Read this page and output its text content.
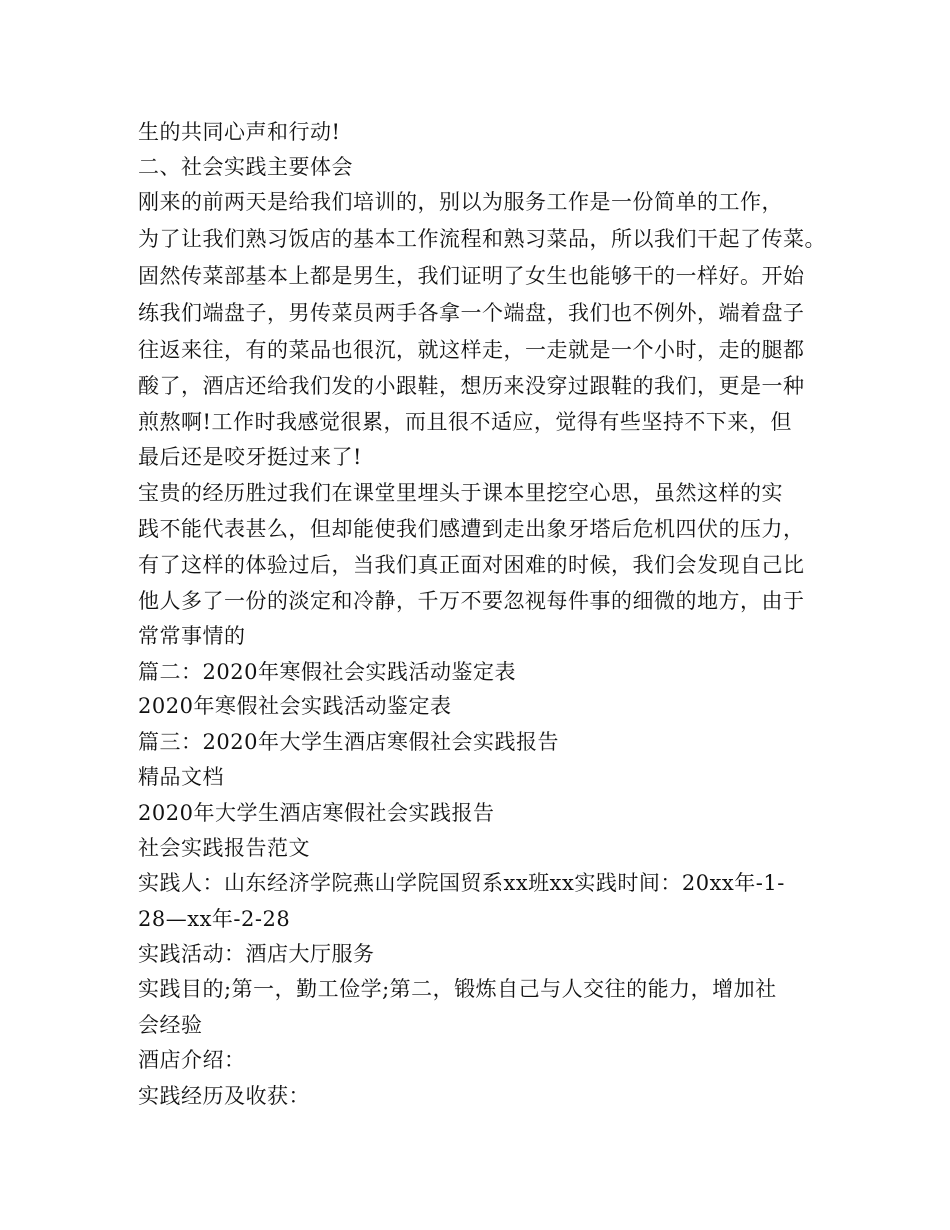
生的共同心声和行动!
二、社会实践主要体会
刚来的前两天是给我们培训的，别以为服务工作是一份简单的工作，
为了让我们熟习饭店的基本工作流程和熟习菜品，所以我们干起了传菜。
固然传菜部基本上都是男生，我们证明了女生也能够干的一样好。开始
练我们端盘子，男传菜员两手各拿一个端盘，我们也不例外，端着盘子
往返来往，有的菜品也很沉，就这样走，一走就是一个小时，走的腿都
酸了，酒店还给我们发的小跟鞋，想历来没穿过跟鞋的我们，更是一种
煎熬啊!工作时我感觉很累，而且很不适应，觉得有些坚持不下来，但
最后还是咬牙挺过来了!
宝贵的经历胜过我们在课堂里埋头于课本里挖空心思，虽然这样的实
践不能代表甚么，但却能使我们感遭到走出象牙塔后危机四伏的压力，
有了这样的体验过后，当我们真正面对困难的时候，我们会发现自己比
他人多了一份的淡定和冷静，千万不要忽视每件事的细微的地方，由于
常常事情的
篇二：2020年寒假社会实践活动鉴定表
2020年寒假社会实践活动鉴定表
篇三：2020年大学生酒店寒假社会实践报告
精品文档
2020年大学生酒店寒假社会实践报告
社会实践报告范文
实践人：山东经济学院燕山学院国贸系xx班xx实践时间：20xx年-1-
28—xx年-2-28
实践活动：酒店大厅服务
实践目的;第一，勤工俭学;第二，锻炼自己与人交往的能力，增加社
会经验
酒店介绍：
实践经历及收获：
